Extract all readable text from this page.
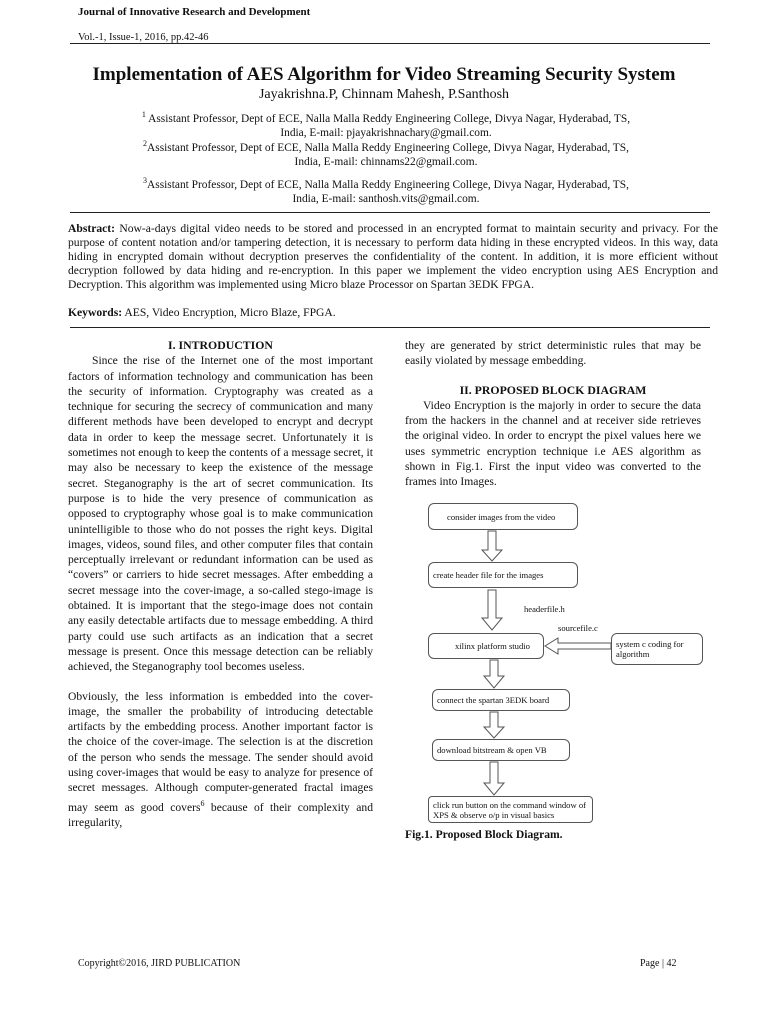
Journal of Innovative Research and Development
Vol.-1, Issue-1, 2016, pp.42-46
Implementation of AES Algorithm for Video Streaming Security System
Jayakrishna.P, Chinnam Mahesh, P.Santhosh
$^1$ Assistant Professor, Dept of ECE, Nalla Malla Reddy Engineering College, Divya Nagar, Hyderabad, TS,
India, E-mail: pjayakrishnachary@gmail.com.
$^2$Assistant Professor, Dept of ECE, Nalla Malla Reddy Engineering College, Divya Nagar, Hyderabad, TS,
India, E-mail: chinnams22@gmail.com.
$^3$Assistant Professor, Dept of ECE, Nalla Malla Reddy Engineering College, Divya Nagar, Hyderabad, TS,
India, E-mail: santhosh.vits@gmail.com.
Abstract: Now-a-days digital video needs to be stored and processed in an encrypted format to maintain security and privacy. For the purpose of content notation and/or tampering detection, it is necessary to perform data hiding in these encrypted videos. In this way, data hiding in encrypted domain without decryption preserves the confidentiality of the content. In addition, it is more efficient without decryption followed by data hiding and re-encryption. In this paper we implement the video encryption using AES Encryption and Decryption. This algorithm was implemented using Micro blaze Processor on Spartan 3EDK FPGA.
Keywords: AES, Video Encryption, Micro Blaze, FPGA.
I. INTRODUCTION

Since the rise of the Internet one of the most important factors of information technology and communication has been the security of information. Cryptography was created as a technique for securing the secrecy of communication and many different methods have been developed to encrypt and decrypt data in order to keep the message secret. Unfortunately it is sometimes not enough to keep the contents of a message secret, it may also be necessary to keep the existence of the message secret. Steganography is the art of secret communication. Its purpose is to hide the very presence of communication as opposed to cryptography whose goal is to make communication unintelligible to those who do not posses the right keys. Digital images, videos, sound files, and other computer files that contain perceptually irrelevant or redundant information can be used as “covers” or carriers to hide secret messages. After embedding a secret message into the cover-image, a so-called stego-image is obtained. It is important that the stego-image does not contain any easily detectable artifacts due to message embedding. A third party could use such artifacts as an indication that a secret message is present. Once this message detection can be reliably achieved, the Steganography tool becomes useless.

Obviously, the less information is embedded into the cover-image, the smaller the probability of introducing detectable artifacts by the embedding process. Another important factor is the choice of the cover-image. The selection is at the discretion of the person who sends the message. The sender should avoid using cover-images that would be easy to analyze for presence of secret messages. Although computer-generated fractal images may seem as good covers$^6$ because of their complexity and irregularity,

they are generated by strict deterministic rules that may be easily violated by message embedding.

II. PROPOSED BLOCK DIAGRAM

Video Encryption is the majorly in order to secure the data from the hackers in the channel and at receiver side retrieves the original video. In order to encrypt the pixel values here we uses symmetric encryption technique i.e AES algorithm as shown in Fig.1. First the input video was converted to the frames into Images.

consider images from the video
create header file for the images
headerfile.h
sourcefile.c
xilinx platform studio	system c coding for algorithm
connect the spartan 3EDK board
download bitstream & open VB
click run button on the command window of XPS & observe o/p in visual basics
Fig.1. Proposed Block Diagram.
Copyright©2016, JIRD PUBLICATION	Page | 42
